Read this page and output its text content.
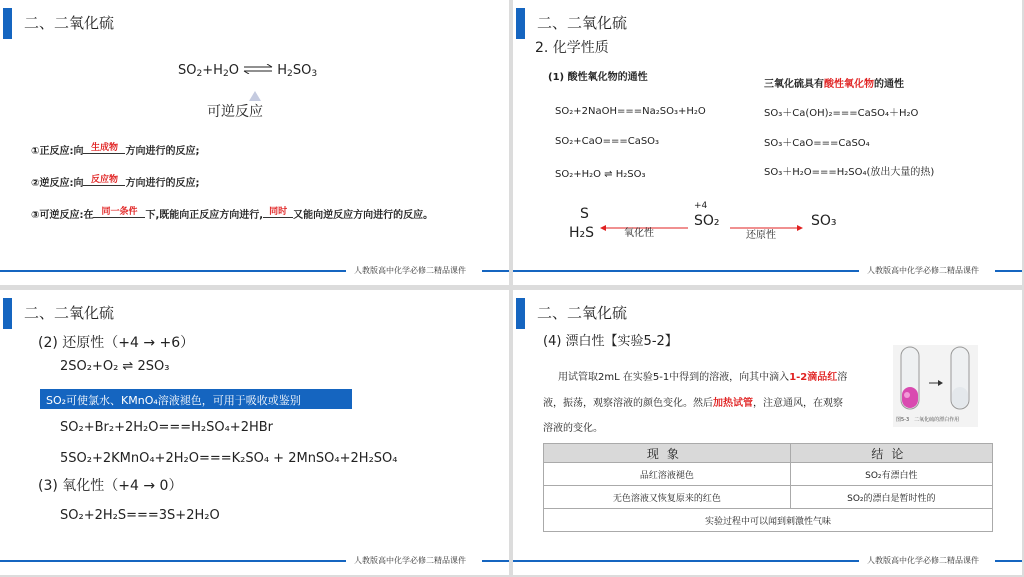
二、二氧化硫
$SO_2+H_2O$ ⇌ $H_2SO_3$
可逆反应
①正反应:向 生成物 方向进行的反应;
②逆反应:向 反应物 方向进行的反应;
③可逆反应:在 同一条件 下,既能向正反应方向进行, 同时 又能向逆反应方向进行的反应。
人教版高中化学必修二精品课件
二、二氧化硫
2. 化学性质
(1) 酸性氧化物的通性
三氧化硫具有酸性氧化物的通性
SO₂+2NaOH===Na₂SO₃+H₂O
SO₂+CaO===CaSO₃
SO₂+H₂O ⇌ H₂SO₃
SO₃＋Ca(OH)₂===CaSO₄＋H₂O
SO₃＋CaO===CaSO₄
SO₃＋H₂O===H₂SO₄(放出大量的热)
S
H₂S	氧化性
+4
SO₂
还原性
SO₃
人教版高中化学必修二精品课件
二、二氧化硫
(2) 还原性（+4 → +6）
2SO₂+O₂ ⇌ 2SO₃
SO₂可使氯水、KMnO₄溶液褪色，可用于吸收或鉴别
SO₂+Br₂+2H₂O===H₂SO₄+2HBr
5SO₂+2KMnO₄+2H₂O===K₂SO₄ + 2MnSO₄+2H₂SO₄
(3) 氧化性（+4 → 0）
SO₂+2H₂S===3S+2H₂O
人教版高中化学必修二精品课件
二、二氧化硫
(4) 漂白性【实验5-2】
用试管取2mL 在实验5-1中得到的溶液，向其中滴入1-2滴品红溶
液，振荡，观察溶液的颜色变化。然后加热试管，注意通风，在观察
溶液的变化。
图5-3　二氧化硫的漂白作用
现象	结论
品红溶液褪色	SO₂有漂白性
无色溶液又恢复原来的红色	SO₂的漂白是暂时性的
实验过程中可以闻到刺激性气味	
人教版高中化学必修二精品课件
